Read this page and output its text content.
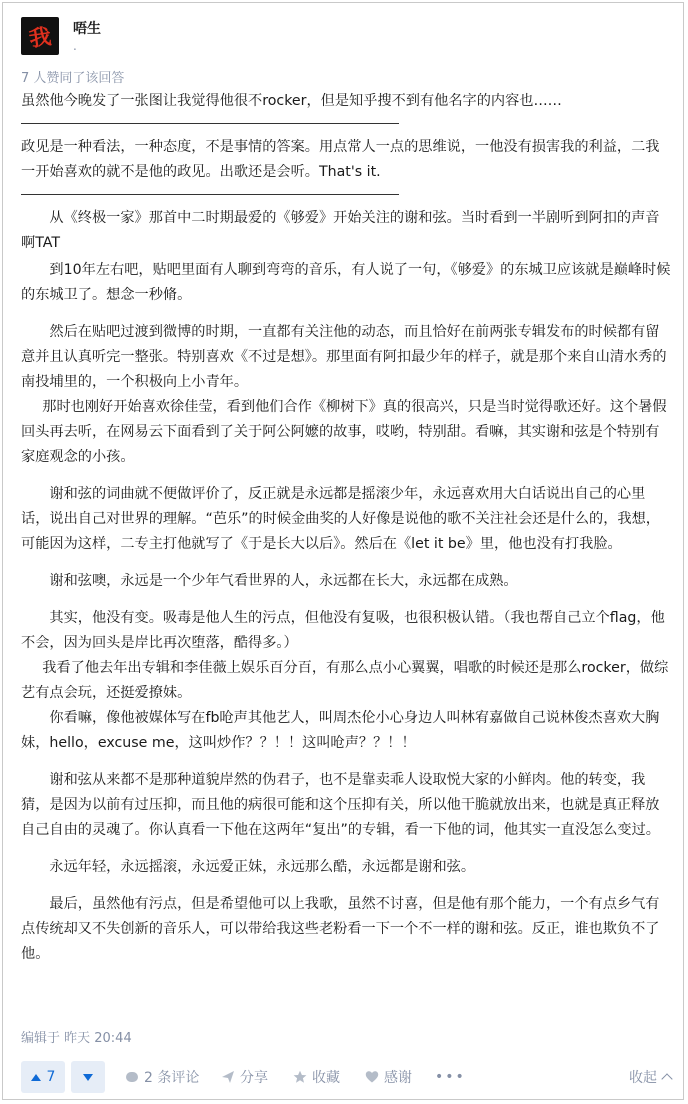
我 唔生
.
7 人赞同了该回答

虽然他今晚发了一张图让我觉得他很不rocker，但是知乎搜不到有他名字的内容也……

政见是一种看法，一种态度，不是事情的答案。用点常人一点的思维说，一他没有损害我的利益，二我一开始喜欢的就不是他的政见。出歌还是会听。That's it.

从《终极一家》那首中二时期最爱的《够爱》开始关注的谢和弦。当时看到一半剧听到阿扣的声音啊TAT

到10年左右吧，贴吧里面有人聊到弯弯的音乐，有人说了一句，《够爱》的东城卫应该就是巅峰时候的东城卫了。想念一秒脩。

然后在贴吧过渡到微博的时期，一直都有关注他的动态，而且恰好在前两张专辑发布的时候都有留意并且认真听完一整张。特别喜欢《不过是想》。那里面有阿扣最少年的样子，就是那个来自山清水秀的南投埔里的，一个积极向上小青年。

那时也刚好开始喜欢徐佳莹，看到他们合作《柳树下》真的很高兴，只是当时觉得歌还好。这个暑假回头再去听，在网易云下面看到了关于阿公阿嬷的故事，哎哟，特别甜。看嘛，其实谢和弦是个特别有家庭观念的小孩。

谢和弦的词曲就不便做评价了，反正就是永远都是摇滚少年，永远喜欢用大白话说出自己的心里话，说出自己对世界的理解。“芭乐”的时候金曲奖的人好像是说他的歌不关注社会还是什么的，我想，可能因为这样，二专主打他就写了《于是长大以后》。然后在《let it be》里，他也没有打我脸。

谢和弦噢，永远是一个少年气看世界的人，永远都在长大，永远都在成熟。

其实，他没有变。吸毒是他人生的污点，但他没有复吸，也很积极认错。（我也帮自己立个flag，他不会，因为回头是岸比再次堕落，酷得多。）

我看了他去年出专辑和李佳薇上娱乐百分百，有那么点小心翼翼，唱歌的时候还是那么rocker，做综艺有点会玩，还挺爱撩妹。

你看嘛，像他被媒体写在fb呛声其他艺人，叫周杰伦小心身边人叫林宥嘉做自己说林俊杰喜欢大胸妹，hello，excuse me，这叫炒作？？！！这叫呛声？？！！

谢和弦从来都不是那种道貌岸然的伪君子，也不是靠卖乖人设取悦大家的小鲜肉。他的转变，我猜，是因为以前有过压抑，而且他的病很可能和这个压抑有关，所以他干脆就放出来，也就是真正释放自己自由的灵魂了。你认真看一下他在这两年“复出”的专辑，看一下他的词，他其实一直没怎么变过。

永远年轻，永远摇滚，永远爱正妹，永远那么酷，永远都是谢和弦。

最后，虽然他有污点，但是希望他可以上我歌，虽然不讨喜，但是他有那个能力，一个有点乡气有点传统却又不失创新的音乐人，可以带给我这些老粉看一下一个不一样的谢和弦。反正，谁也欺负不了他。

编辑于 昨天 20:44
7	2 条评论	分享	收藏	感谢 •••	收起
